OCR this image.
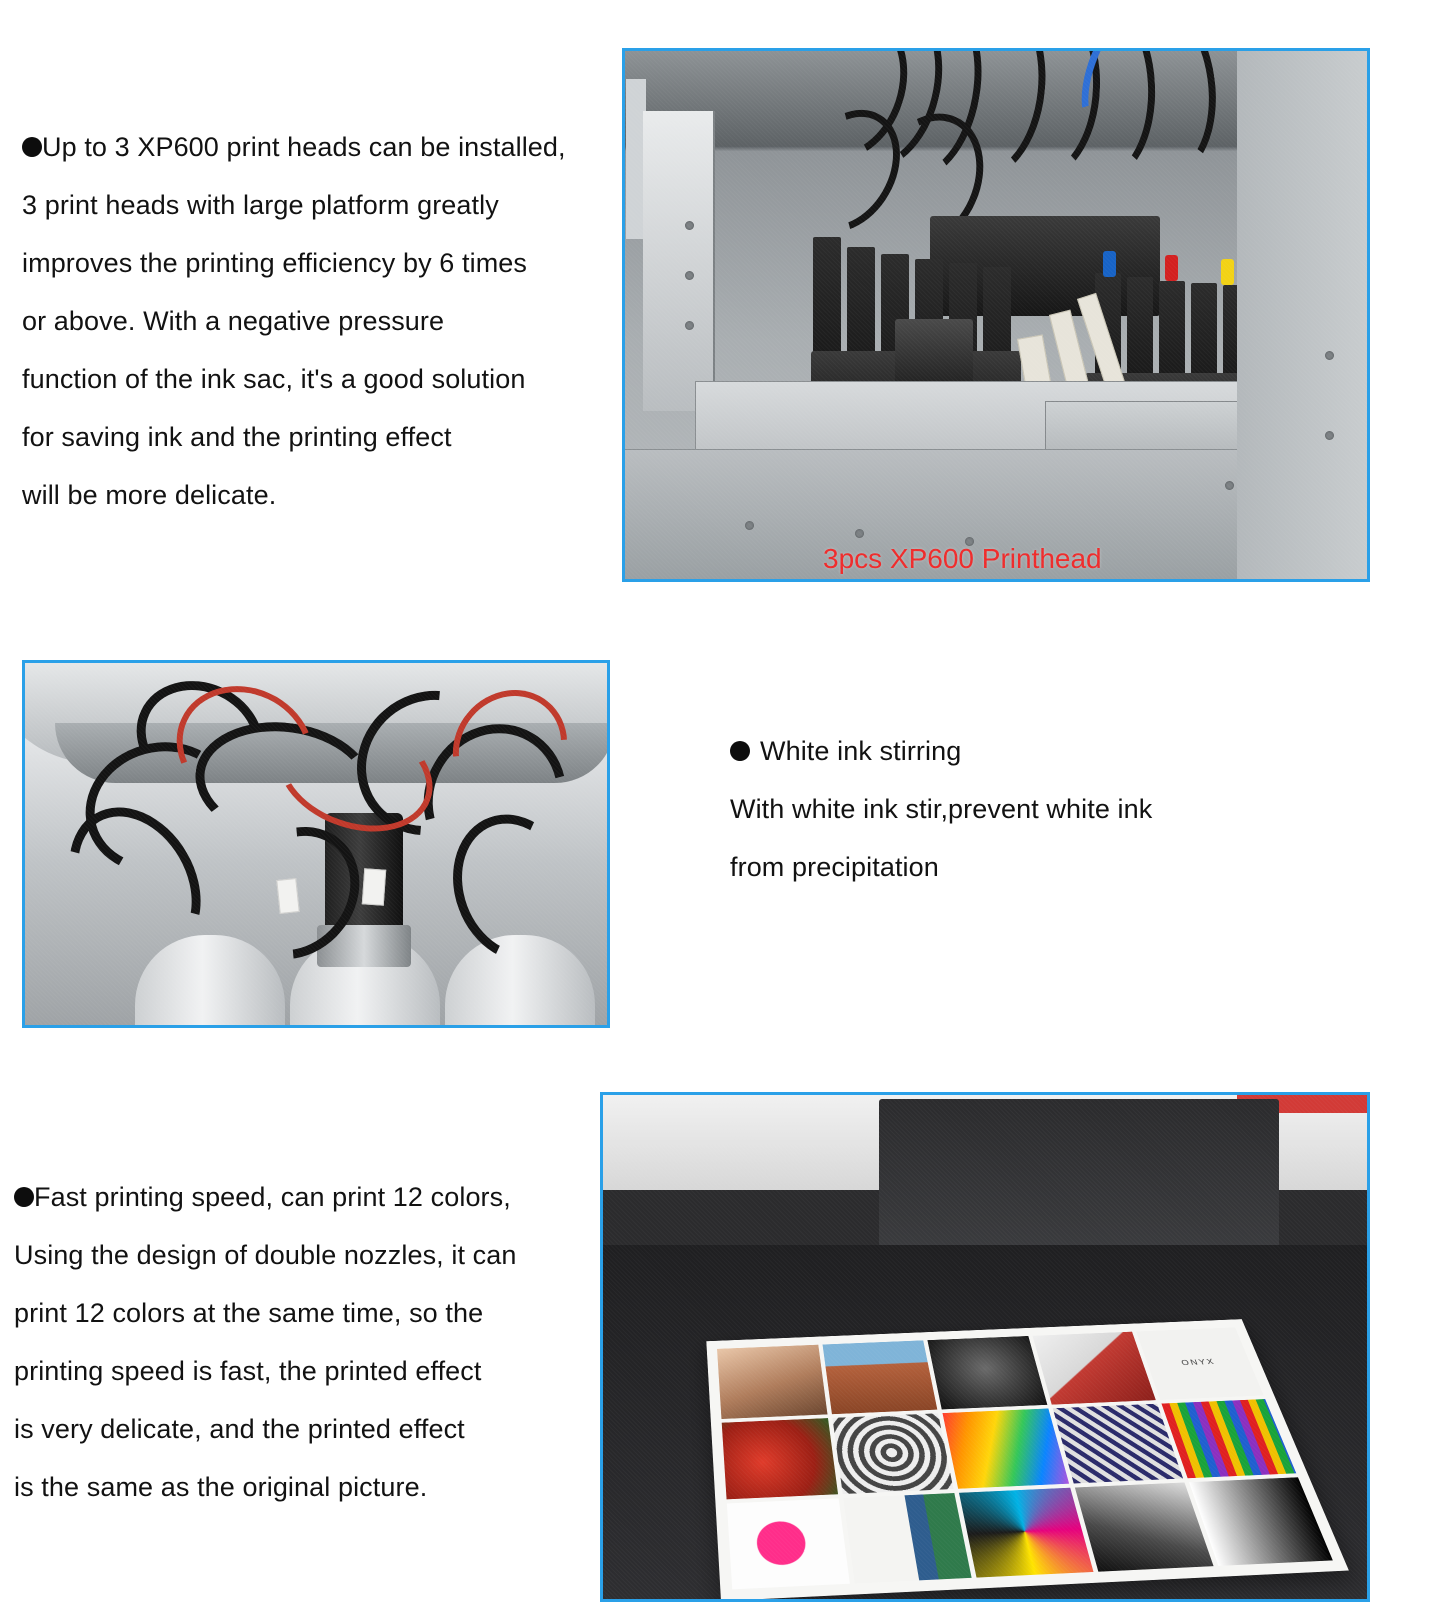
Up to 3 XP600 print heads can be installed,

3 print heads with large platform greatly

improves the printing efficiency by 6 times

or above. With a negative pressure

function of the ink sac, it's a good solution

for saving ink and the printing effect

will be more delicate.

3pcs XP600 Printhead

White ink stirring

With white ink stir,prevent white ink

from precipitation

Fast printing speed, can print 12 colors,

Using the design of double nozzles, it can

print 12 colors at the same time, so the

printing speed is fast, the printed effect

is very delicate, and the printed effect

is the same as the original picture.

ONYX
